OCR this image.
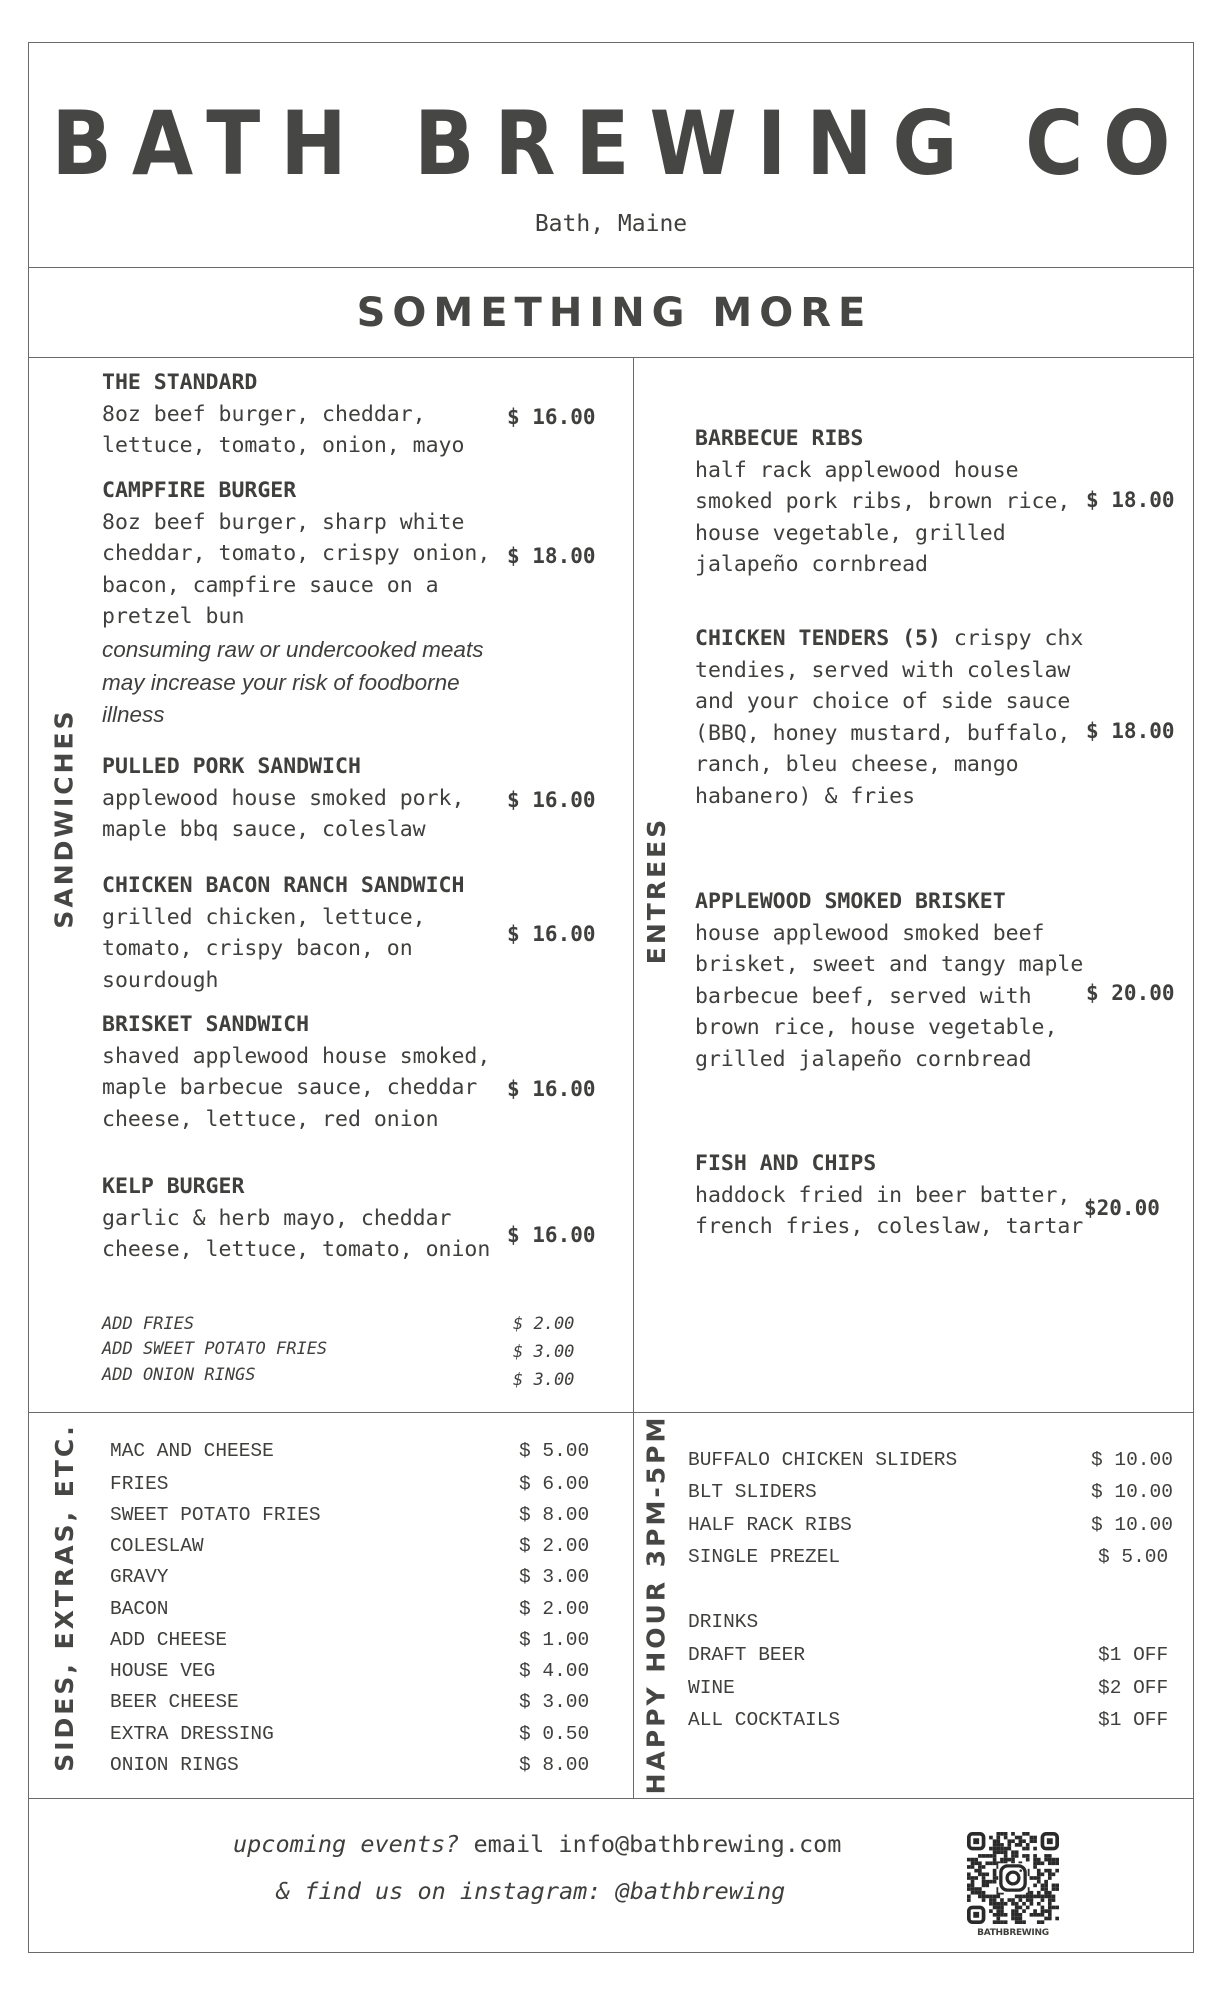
BATH BREWING CO
Bath, Maine
SOMETHING MORE
SANDWICHES	ENTREES
SIDES, EXTRAS, ETC.	HAPPY HOUR 3PM-5PM
THE STANDARD
8oz beef burger, cheddar, lettuce, tomato, onion, mayo
$ 16.00
CAMPFIRE BURGER
8oz beef burger, sharp white cheddar, tomato, crispy onion, bacon, campfire sauce on a pretzel bun
$ 18.00
consuming raw or undercooked meats may increase your risk of foodborne illness
PULLED PORK SANDWICH
applewood house smoked pork, maple bbq sauce, coleslaw
$ 16.00
CHICKEN BACON RANCH SANDWICH
grilled chicken, lettuce, tomato, crispy bacon, on sourdough
$ 16.00
BRISKET SANDWICH
shaved applewood house smoked, maple barbecue sauce, cheddar cheese, lettuce, red onion
$ 16.00
KELP BURGER
garlic & herb mayo, cheddar cheese, lettuce, tomato, onion
$ 16.00
ADD FRIES	$ 2.00
ADD SWEET POTATO FRIES	$ 3.00
ADD ONION RINGS	$ 3.00
BARBECUE RIBS
half rack applewood house smoked pork ribs, brown rice, house vegetable, grilled jalapeño cornbread
$ 18.00
CHICKEN TENDERS (5) crispy chx tendies, served with coleslaw and your choice of side sauce (BBQ, honey mustard, buffalo, ranch, bleu cheese, mango habanero) & fries
$ 18.00
APPLEWOOD SMOKED BRISKET
house applewood smoked beef brisket, sweet and tangy maple barbecue beef, served with brown rice, house vegetable, grilled jalapeño cornbread
$ 20.00
FISH AND CHIPS
haddock fried in beer batter, french fries, coleslaw, tartar
$20.00
MAC AND CHEESE	$ 5.00
FRIES	$ 6.00
SWEET POTATO FRIES	$ 8.00
COLESLAW	$ 2.00
GRAVY	$ 3.00
BACON	$ 2.00
ADD CHEESE	$ 1.00
HOUSE VEG	$ 4.00
BEER CHEESE	$ 3.00
EXTRA DRESSING	$ 0.50
ONION RINGS	$ 8.00
BUFFALO CHICKEN SLIDERS	$ 10.00
BLT SLIDERS	$ 10.00
HALF RACK RIBS	$ 10.00
SINGLE PREZEL	$ 5.00
DRINKS
DRAFT BEER	$1 OFF
WINE	$2 OFF
ALL COCKTAILS	$1 OFF
upcoming events? email info@bathbrewing.com
& find us on instagram: @bathbrewing
BATHBREWING
